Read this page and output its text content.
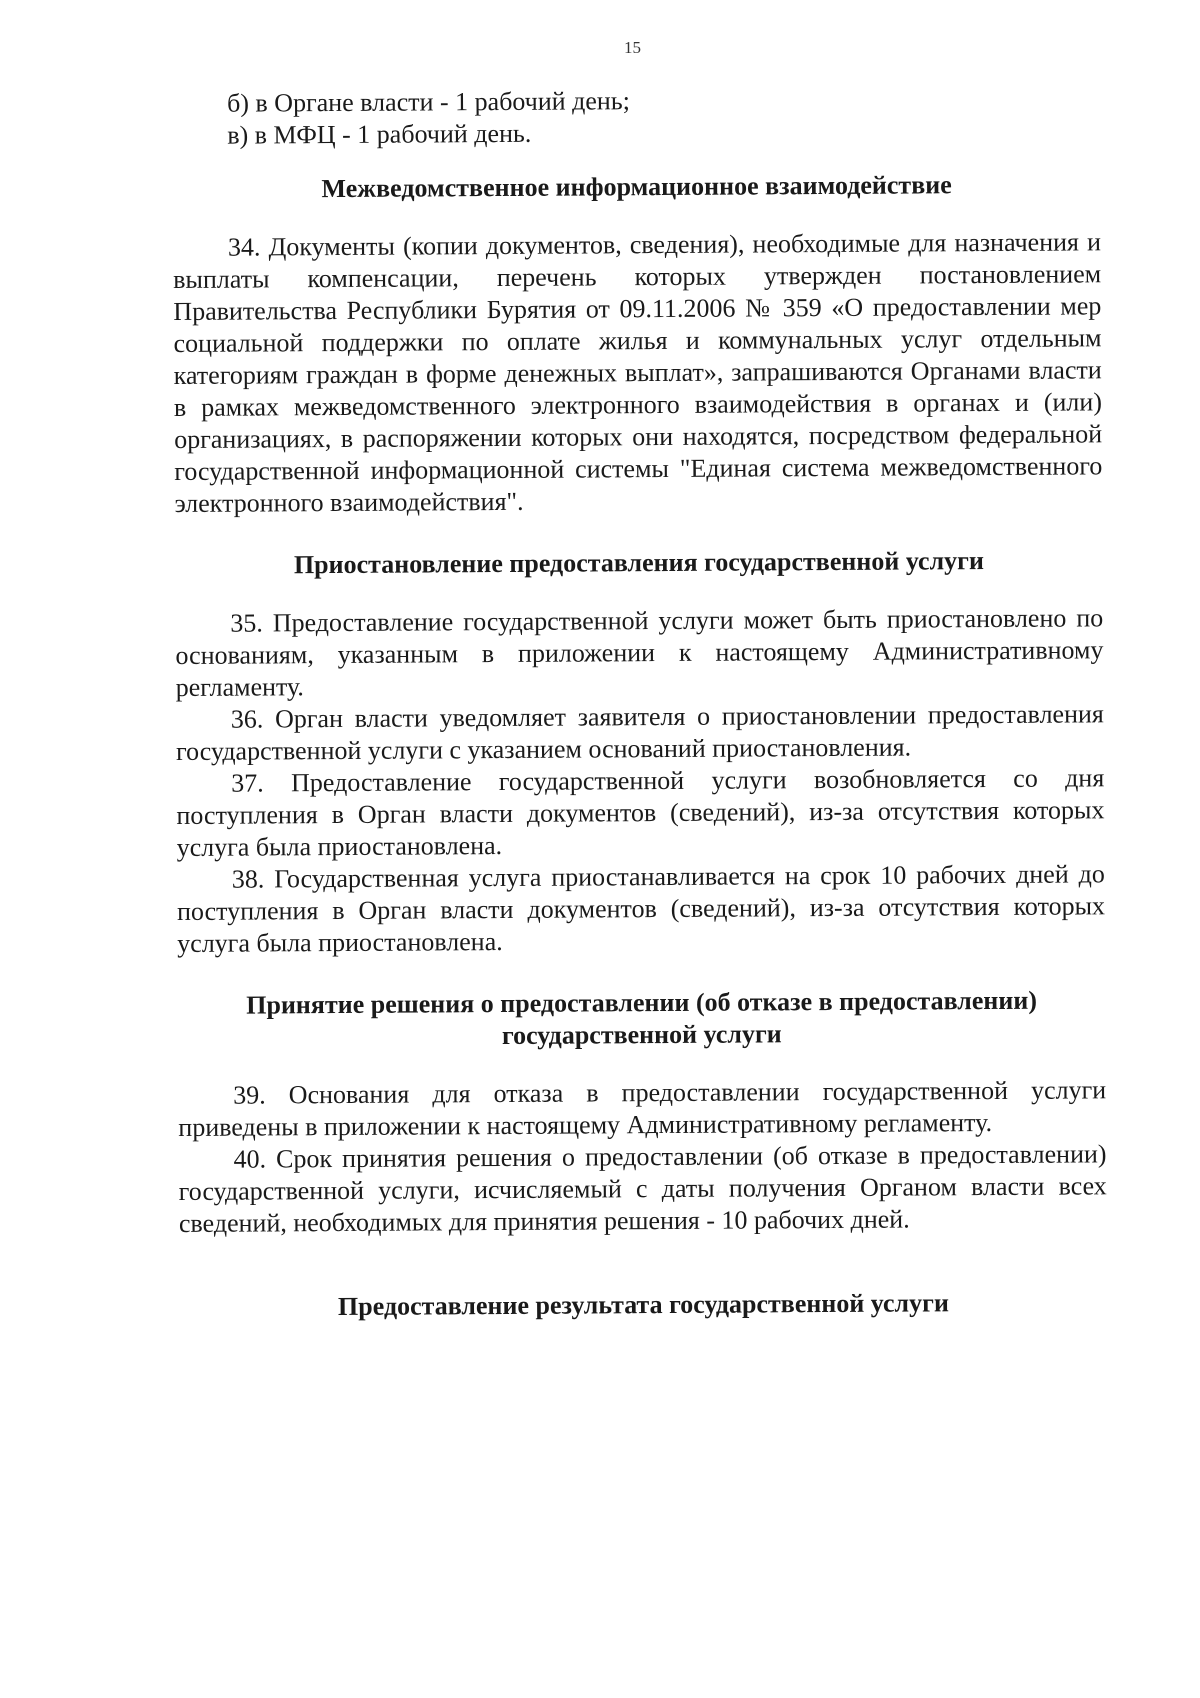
15
б) в Органе власти - 1 рабочий день;
в) в МФЦ - 1 рабочий день.
Межведомственное информационное взаимодействие

34. Документы (копии документов, сведения), необходимые для назначения и выплаты компенсации, перечень которых утвержден постановлением Правительства Республики Бурятия от 09.11.2006 № 359 «О предоставлении мер социальной поддержки по оплате жилья и коммунальных услуг отдельным категориям граждан в форме денежных выплат», запрашиваются Органами власти в рамках межведомственного электронного взаимодействия в органах и (или) организациях, в распоряжении которых они находятся, посредством федеральной государственной информационной системы "Единая система межведомственного электронного взаимодействия".

Приостановление предоставления государственной услуги

35. Предоставление государственной услуги может быть приостановлено по основаниям, указанным в приложении к настоящему Административному регламенту.

36. Орган власти уведомляет заявителя о приостановлении предоставления государственной услуги с указанием оснований приостановления.

37. Предоставление государственной услуги возобновляется со дня поступления в Орган власти документов (сведений), из-за отсутствия которых услуга была приостановлена.

38. Государственная услуга приостанавливается на срок 10 рабочих дней до поступления в Орган власти документов (сведений), из-за отсутствия которых услуга была приостановлена.

Принятие решения о предоставлении (об отказе в предоставлении)
государственной услуги

39. Основания для отказа в предоставлении государственной услуги приведены в приложении к настоящему Административному регламенту.

40. Срок принятия решения о предоставлении (об отказе в предоставлении) государственной услуги, исчисляемый с даты получения Органом власти всех сведений, необходимых для принятия решения - 10 рабочих дней.

Предоставление результата государственной услуги
